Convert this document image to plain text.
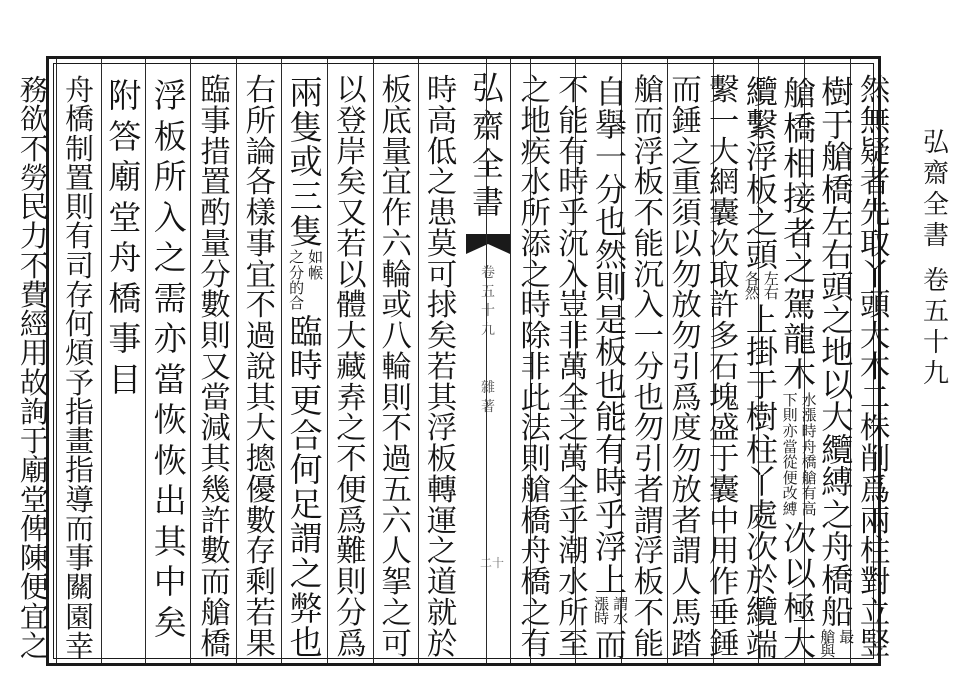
弘
齋
全
書
卷
五
十
九
弘
齋
全
書
卷
五
十
九
雜
著
二十
然
無
疑
者
先
取
丫
頭
大
木
二
株
削
爲
兩
柱
對
立
竪
樹
于
艙
橋
左
右
頭
之
地
以
大
纜
縛
之
舟
橋
船
最
艙
與
艙
橋
相
接
者
之
駕
龍
木
水
漲
時
舟
橋
艙
有
高
下
則
亦
當
從
便
改
縛
次
以
極
大
纜
繫
浮
板
之
頭
左
右
各
然
上
掛
于
樹
柱
丫
處
次
於
纜
端
繫
一
大
網
囊
次
取
許
多
石
塊
盛
于
囊
中
用
作
垂
錘
而
錘
之
重
須
以
勿
放
勿
引
爲
度
勿
放
者
謂
人
馬
踏
艙
而
浮
板
不
能
沉
入
一
分
也
勿
引
者
謂
浮
板
不
能
自
擧
一
分
也
然
則
是
板
也
能
有
時
乎
浮
上
謂
水
漲
時
而
不
能
有
時
乎
沉
入
豈
非
萬
全
之
萬
全
乎
潮
水
所
至
之
地
疾
水
所
添
之
時
除
非
此
法
則
艙
橋
舟
橋
之
有
時
高
低
之
患
莫
可
捄
矣
若
其
浮
板
轉
運
之
道
就
於
板
底
量
宜
作
六
輪
或
八
輪
則
不
過
五
六
人
挐
之
可
以
登
岸
矣
又
若
以
體
大
藏
弆
之
不
便
爲
難
則
分
爲
兩
隻
或
三
隻
如
帿
之
分
的
合
臨
時
更
合
何
足
謂
之
弊
也
右
所
論
各
樣
事
宜
不
過
說
其
大
摠
優
數
存
剩
若
果
臨
事
措
置
酌
量
分
數
則
又
當
減
其
幾
許
數
而
艙
橋
浮
板
所
入
之
需
亦
當
恢
恢
出
其
中
矣
附
答
廟
堂
舟
橋
事
目
舟
橋
制
置
則
有
司
存
何
煩
予
指
畫
指
導
而
事
關
園
幸
務
欲
不
勞
民
力
不
費
經
用
故
詢
于
廟
堂
俾
陳
便
宜
之
